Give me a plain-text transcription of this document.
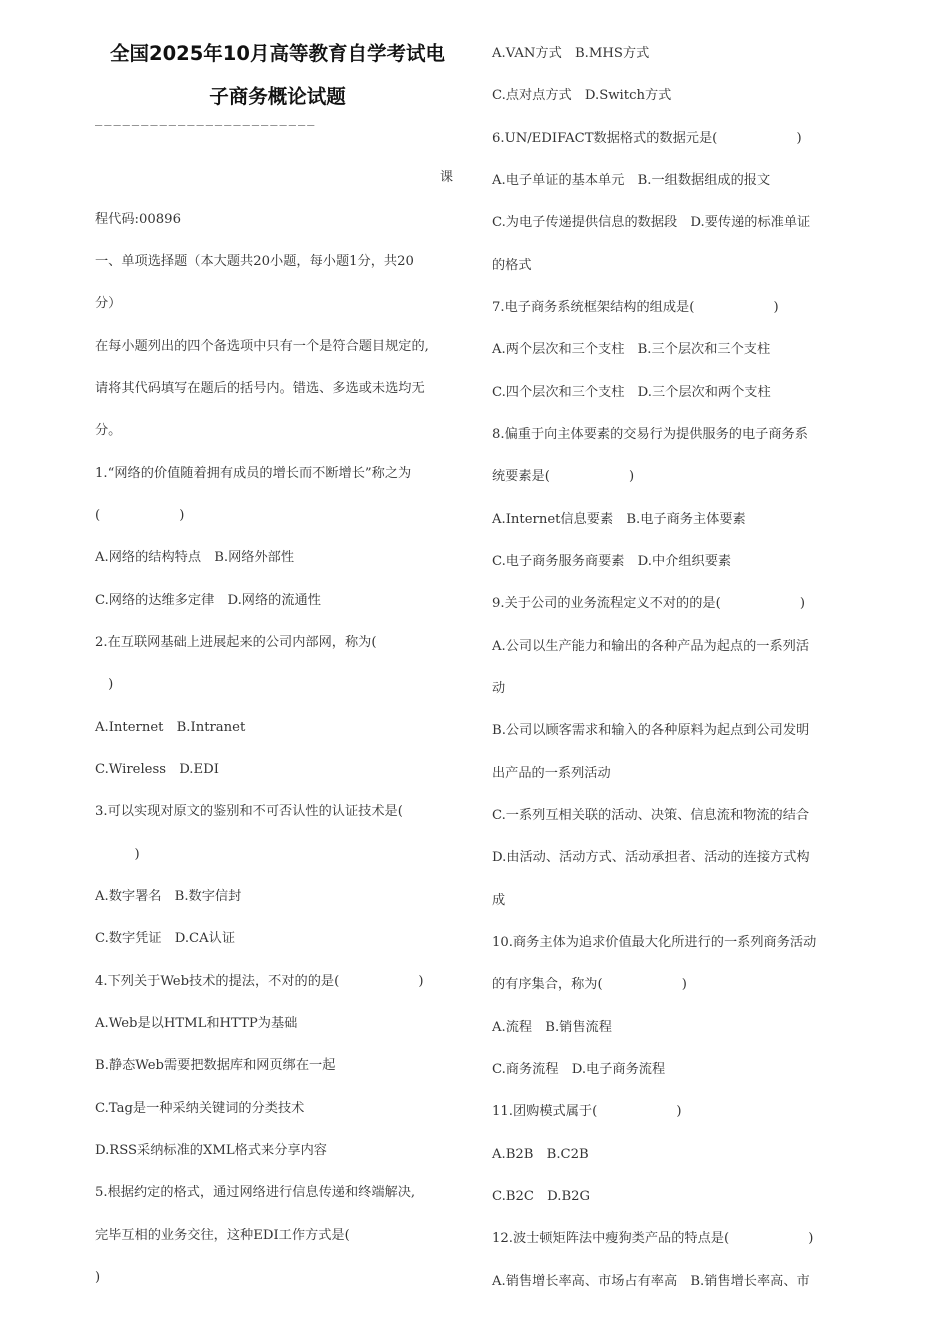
全国2025年10月高等教育自学考试电
子商务概论试题
————————————————————————
课
程代码:00896
一、单项选择题（本大题共20小题，每小题1分，共20
分）
在每小题列出的四个备选项中只有一个是符合题目规定的,
请将其代码填写在题后的括号内。错选、多选或未选均无
分。
1.“网络的价值随着拥有成员的增长而不断增长”称之为
(　　　　　　)
A.网络的结构特点　B.网络外部性
C.网络的达维多定律　D.网络的流通性
2.在互联网基础上进展起来的公司内部网，称为(
　)
A.Internet　B.Intranet
C.Wireless　D.EDI
3.可以实现对原文的鉴别和不可否认性的认证技术是(
　　　)
A.数字署名　B.数字信封
C.数字凭证　D.CA认证
4.下列关于Web技术的提法，不对的的是(　　　　　　)
A.Web是以HTML和HTTP为基础
B.静态Web需要把数据库和网页绑在一起
C.Tag是一种采纳关键词的分类技术
D.RSS采纳标准的XML格式来分享内容
5.根据约定的格式，通过网络进行信息传递和终端解决,
完毕互相的业务交往，这种EDI工作方式是(
)
A.VAN方式　B.MHS方式
C.点对点方式　D.Switch方式
6.UN/EDIFACT数据格式的数据元是(　　　　　　)
A.电子单证的基本单元　B.一组数据组成的报文
C.为电子传递提供信息的数据段　D.要传递的标准单证
的格式
7.电子商务系统框架结构的组成是(　　　　　　)
A.两个层次和三个支柱　B.三个层次和三个支柱
C.四个层次和三个支柱　D.三个层次和两个支柱
8.偏重于向主体要素的交易行为提供服务的电子商务系
统要素是(　　　　　　)
A.Internet信息要素　B.电子商务主体要素
C.电子商务服务商要素　D.中介组织要素
9.关于公司的业务流程定义不对的的是(　　　　　　)
A.公司以生产能力和输出的各种产品为起点的一系列活
动
B.公司以顾客需求和输入的各种原料为起点到公司发明
出产品的一系列活动
C.一系列互相关联的活动、决策、信息流和物流的结合
D.由活动、活动方式、活动承担者、活动的连接方式构
成
10.商务主体为追求价值最大化所进行的一系列商务活动
的有序集合，称为(　　　　　　)
A.流程　B.销售流程
C.商务流程　D.电子商务流程
11.团购模式属于(　　　　　　)
A.B2B　B.C2B
C.B2C　D.B2G
12.波士顿矩阵法中瘦狗类产品的特点是(　　　　　　)
A.销售增长率高、市场占有率高　B.销售增长率高、市
